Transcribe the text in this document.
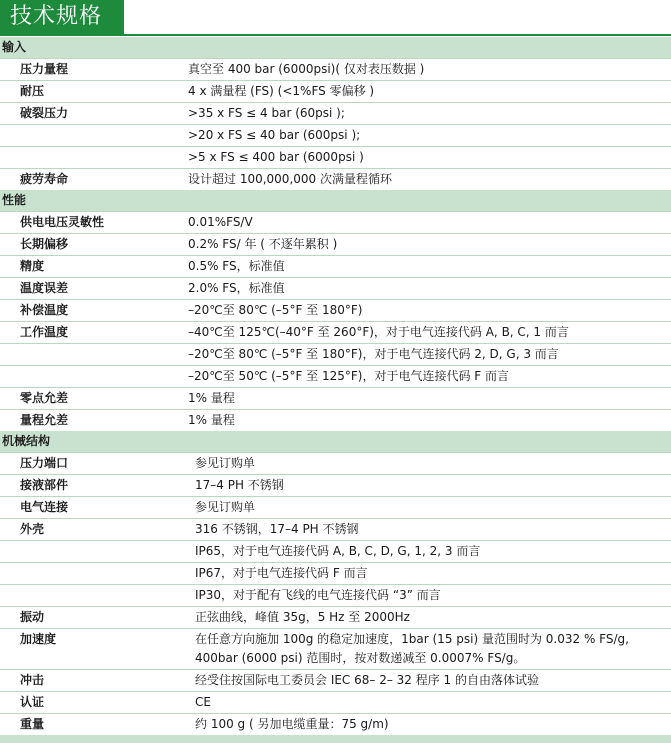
技术规格
输入
压力量程	真空至 400 bar (6000psi)( 仅对表压数据 )
耐压	4 x 满量程 (FS) (<1%FS 零偏移 )
破裂压力	>35 x FS ≤ 4 bar (60psi );
>20 x FS ≤ 40 bar (600psi );
>5 x FS ≤ 400 bar (6000psi )
疲劳寿命	设计超过 100,000,000 次满量程循环
性能
供电电压灵敏性	0.01%FS/V
长期偏移	0.2% FS/ 年 ( 不逐年累积 )
精度	0.5% FS，标准值
温度误差	2.0% FS，标准值
补偿温度	–20℃至 80℃ (–5°F 至 180°F)
工作温度	–40℃至 125℃(–40°F 至 260°F)，对于电气连接代码 A, B, C, 1 而言
–20℃至 80℃ (–5°F 至 180°F)，对于电气连接代码 2, D, G, 3 而言
–20℃至 50℃ (–5°F 至 125°F)，对于电气连接代码 F 而言
零点允差	1% 量程
量程允差	1% 量程
机械结构
压力端口	参见订购单
接液部件	17–4 PH 不锈钢
电气连接	参见订购单
外壳	316 不锈钢，17–4 PH 不锈钢
IP65，对于电气连接代码 A, B, C, D, G, 1, 2, 3 而言
IP67，对于电气连接代码 F 而言
IP30，对于配有飞线的电气连接代码 “3” 而言
振动	正弦曲线，峰值 35g，5 Hz 至 2000Hz
加速度	在任意方向施加 100g 的稳定加速度，1bar (15 psi) 量范围时为 0.032 % FS/g, 400bar (6000 psi) 范围时，按对数递减至 0.0007% FS/g。
冲击	经受住按国际电工委员会 IEC 68– 2– 32 程序 1 的自由落体试验
认证	CE
重量	约 100 g ( 另加电缆重量：75 g/m)
